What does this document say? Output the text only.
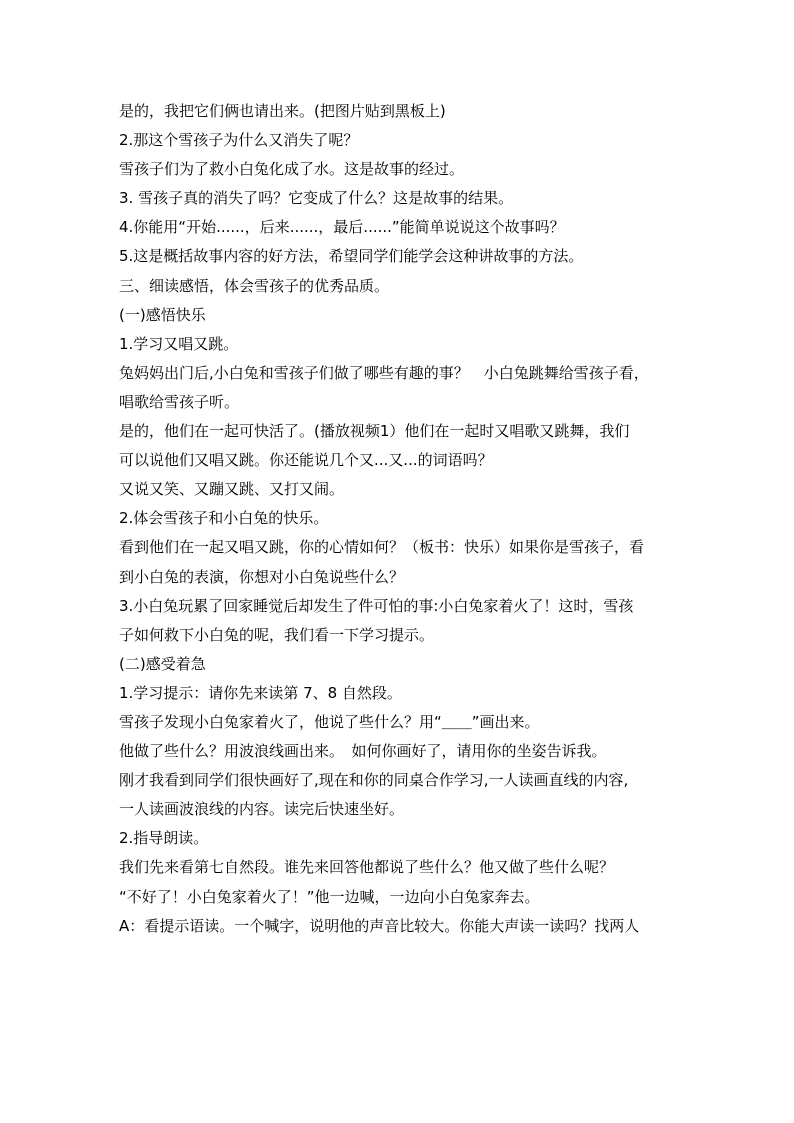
是的，我把它们俩也请出来。(把图片贴到黑板上)
2.那这个雪孩子为什么又消失了呢？
雪孩子们为了救小白兔化成了水。这是故事的经过。
3. 雪孩子真的消失了吗？它变成了什么？这是故事的结果。
4.你能用“开始......，后来......，最后......”能简单说说这个故事吗？
5.这是概括故事内容的好方法，希望同学们能学会这种讲故事的方法。
三、细读感悟，体会雪孩子的优秀品质。
(一)感悟快乐
1.学习又唱又跳。
兔妈妈出门后,小白兔和雪孩子们做了哪些有趣的事？　小白兔跳舞给雪孩子看，
唱歌给雪孩子听。
是的，他们在一起可快活了。(播放视频1）他们在一起时又唱歌又跳舞，我们
可以说他们又唱又跳。你还能说几个又...又...的词语吗？
又说又笑、又蹦又跳、又打又闹。
2.体会雪孩子和小白兔的快乐。
看到他们在一起又唱又跳，你的心情如何？（板书：快乐）如果你是雪孩子，看
到小白兔的表演，你想对小白兔说些什么？
3.小白兔玩累了回家睡觉后却发生了件可怕的事:小白兔家着火了！这时，雪孩
子如何救下小白兔的呢，我们看一下学习提示。
(二)感受着急
1.学习提示：请你先来读第 7、8 自然段。
雪孩子发现小白兔家着火了，他说了些什么？用“＿＿”画出来。
他做了些什么？用波浪线画出来。　如何你画好了，请用你的坐姿告诉我。
刚才我看到同学们很快画好了,现在和你的同桌合作学习,一人读画直线的内容,
一人读画波浪线的内容。读完后快速坐好。
2.指导朗读。
我们先来看第七自然段。谁先来回答他都说了些什么？他又做了些什么呢？
“不好了！小白兔家着火了！”他一边喊，一边向小白兔家奔去。
A：看提示语读。一个喊字，说明他的声音比较大。你能大声读一读吗？找两人
